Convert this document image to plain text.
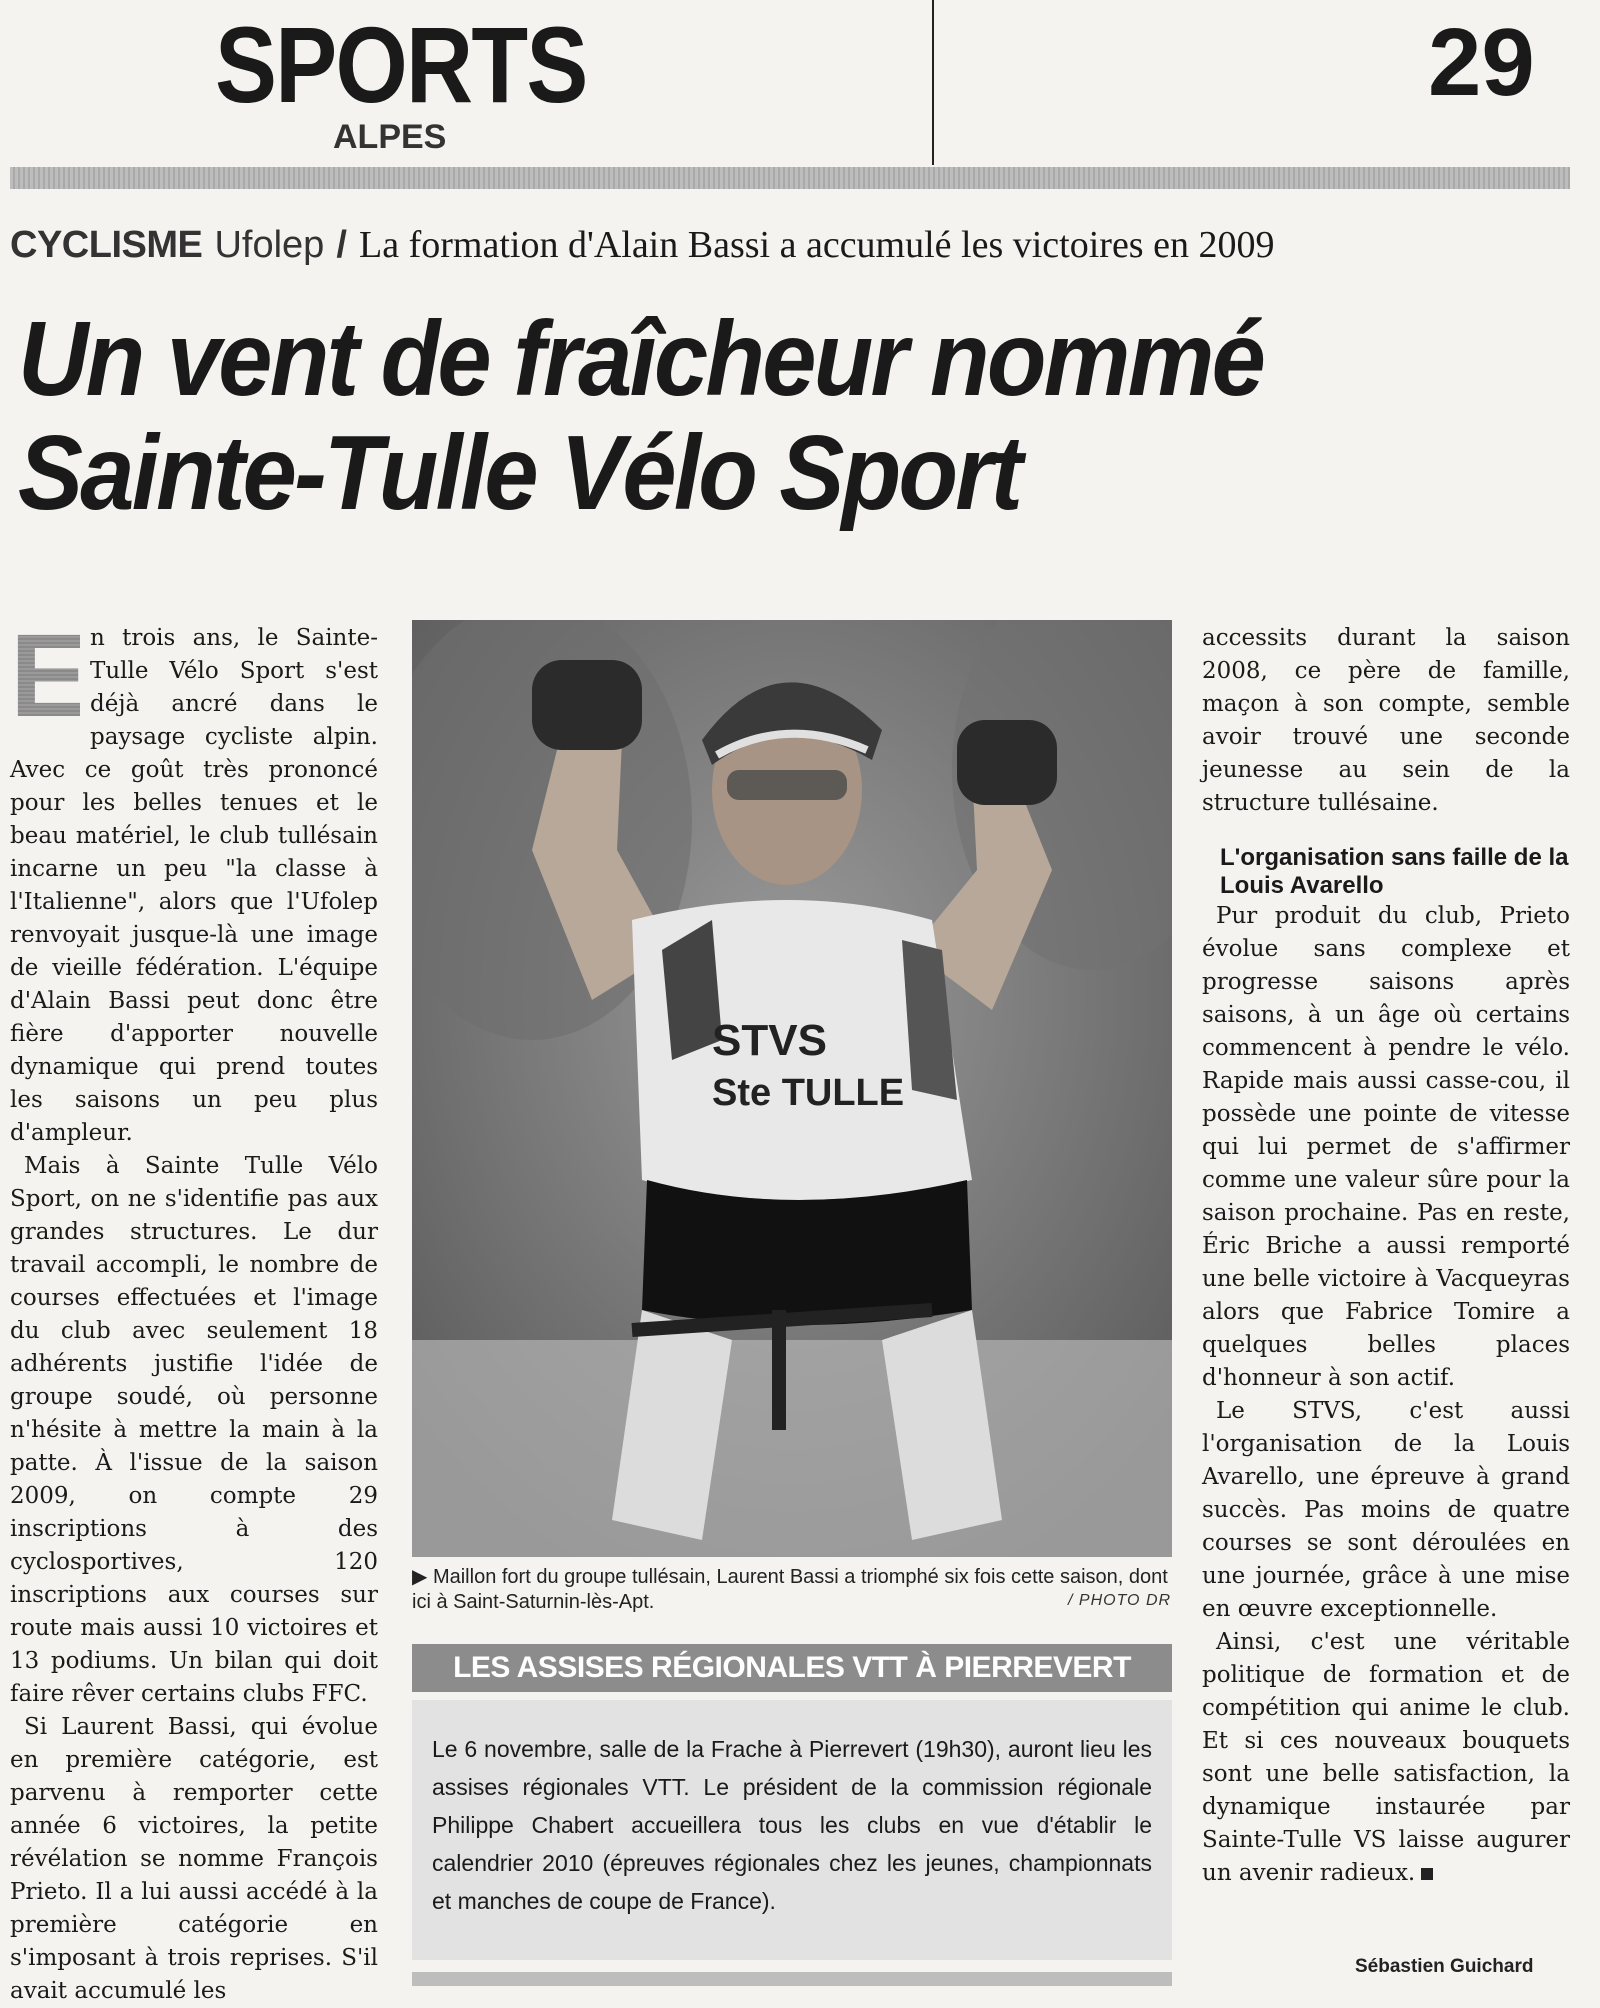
SPORTS
ALPES
29
CYCLISME Ufolep / La formation d'Alain Bassi a accumulé les victoires en 2009
Un vent de fraîcheur nommé
Sainte-Tulle Vélo Sport

E n trois ans, le Sainte-Tulle Vélo Sport s'est déjà ancré dans le paysage cycliste alpin. Avec ce goût très prononcé pour les belles tenues et le beau matériel, le club tullésain incarne un peu "la classe à l'Italienne", alors que l'Ufolep renvoyait jusque-là une image de vieille fédération. L'équipe d'Alain Bassi peut donc être fière d'apporter nouvelle dynamique qui prend toutes les saisons un peu plus d'ampleur.

Mais à Sainte Tulle Vélo Sport, on ne s'identifie pas aux grandes structures. Le dur travail accompli, le nombre de courses effectuées et l'image du club avec seulement 18 adhérents justifie l'idée de groupe soudé, où personne n'hésite à mettre la main à la patte. À l'issue de la saison 2009, on compte 29 inscriptions à des cyclosportives, 120 inscriptions aux courses sur route mais aussi 10 victoires et 13 podiums. Un bilan qui doit faire rêver certains clubs FFC.

Si Laurent Bassi, qui évolue en première catégorie, est parvenu à remporter cette année 6 victoires, la petite révélation se nomme François Prieto. Il a lui aussi accédé à la première catégorie en s'imposant à trois reprises. S'il avait accumulé les

STVS
Ste TULLE
▶ Maillon fort du groupe tullésain, Laurent Bassi a triomphé six fois cette saison, dont ici à Saint-Saturnin-lès-Apt.	/ PHOTO DR
LES ASSISES RÉGIONALES VTT À PIERREVERT
Le 6 novembre, salle de la Frache à Pierrevert (19h30), auront lieu les assises régionales VTT. Le président de la commission régionale Philippe Chabert accueillera tous les clubs en vue d'établir le calendrier 2010 (épreuves régionales chez les jeunes, championnats et manches de coupe de France).

accessits durant la saison 2008, ce père de famille, maçon à son compte, semble avoir trouvé une seconde jeunesse au sein de la structure tullésaine.

L'organisation sans faille de la Louis Avarello

Pur produit du club, Prieto évolue sans complexe et progresse saisons après saisons, à un âge où certains commencent à pendre le vélo. Rapide mais aussi casse-cou, il possède une pointe de vitesse qui lui permet de s'affirmer comme une valeur sûre pour la saison prochaine. Pas en reste, Éric Briche a aussi remporté une belle victoire à Vacqueyras alors que Fabrice Tomire a quelques belles places d'honneur à son actif.

Le STVS, c'est aussi l'organisation de la Louis Avarello, une épreuve à grand succès. Pas moins de quatre courses se sont déroulées en une journée, grâce à une mise en œuvre exceptionnelle.

Ainsi, c'est une véritable politique de formation et de compétition qui anime le club. Et si ces nouveaux bouquets sont une belle satisfaction, la dynamique instaurée par Sainte-Tulle VS laisse augurer un avenir radieux.

Sébastien Guichard
